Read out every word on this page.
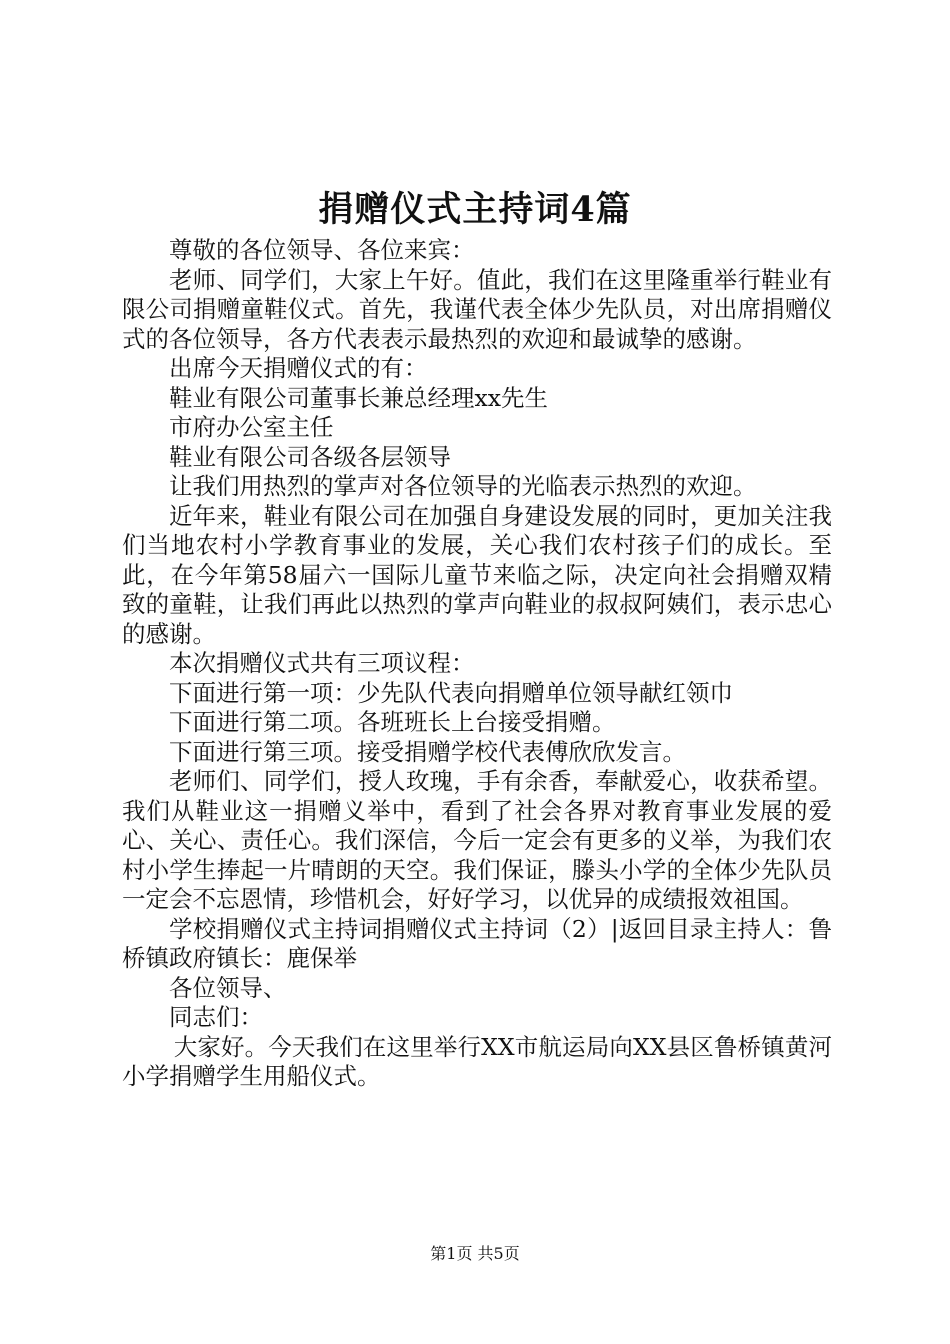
捐赠仪式主持词4篇

尊敬的各位领导、各位来宾：

老师、同学们，大家上午好。值此，我们在这里隆重举行鞋业有限公司捐赠童鞋仪式。首先，我谨代表全体少先队员，对出席捐赠仪式的各位领导，各方代表表示最热烈的欢迎和最诚挚的感谢。

出席今天捐赠仪式的有：

鞋业有限公司董事长兼总经理xx先生

市府办公室主任

鞋业有限公司各级各层领导

让我们用热烈的掌声对各位领导的光临表示热烈的欢迎。

近年来，鞋业有限公司在加强自身建设发展的同时，更加关注我们当地农村小学教育事业的发展，关心我们农村孩子们的成长。至此，在今年第58届六一国际儿童节来临之际，决定向社会捐赠双精致的童鞋，让我们再此以热烈的掌声向鞋业的叔叔阿姨们，表示忠心的感谢。

本次捐赠仪式共有三项议程：

下面进行第一项：少先队代表向捐赠单位领导献红领巾

下面进行第二项。各班班长上台接受捐赠。

下面进行第三项。接受捐赠学校代表傅欣欣发言。

老师们、同学们，授人玫瑰，手有余香，奉献爱心，收获希望。我们从鞋业这一捐赠义举中，看到了社会各界对教育事业发展的爱心、关心、责任心。我们深信，今后一定会有更多的义举，为我们农村小学生捧起一片晴朗的天空。我们保证，滕头小学的全体少先队员一定会不忘恩情，珍惜机会，好好学习，以优异的成绩报效祖国。

学校捐赠仪式主持词捐赠仪式主持词（2）|返回目录主持人：鲁桥镇政府镇长：鹿保举

各位领导、

同志们：

大家好。今天我们在这里举行XX市航运局向XX县区鲁桥镇黄河小学捐赠学生用船仪式。

第1页 共5页
